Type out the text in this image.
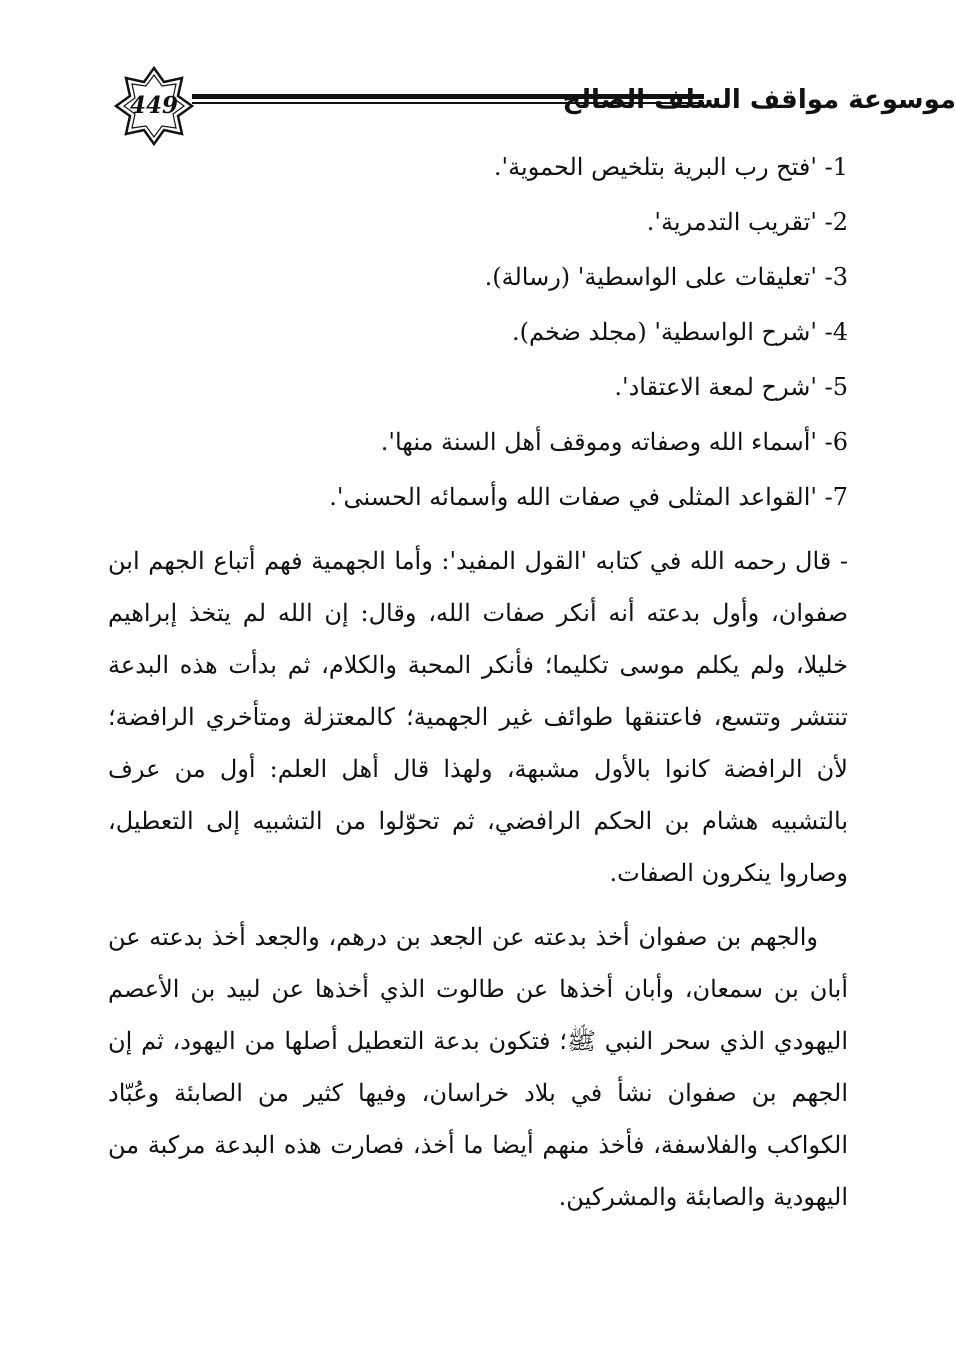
449	موسوعة مواقف السلف الصالح
1- 'فتح رب البرية بتلخيص الحموية'.
2- 'تقريب التدمرية'.
3- 'تعليقات على الواسطية' (رسالة).
4- 'شرح الواسطية' (مجلد ضخم).
5- 'شرح لمعة الاعتقاد'.
6- 'أسماء الله وصفاته وموقف أهل السنة منها'.
7- 'القواعد المثلى في صفات الله وأسمائه الحسنى'.

- قال رحمه الله في كتابه 'القول المفيد': وأما الجهمية فهم أتباع الجهم ابن صفوان، وأول بدعته أنه أنكر صفات الله، وقال: إن الله لم يتخذ إبراهيم خليلا، ولم يكلم موسى تكليما؛ فأنكر المحبة والكلام، ثم بدأت هذه البدعة تنتشر وتتسع، فاعتنقها طوائف غير الجهمية؛ كالمعتزلة ومتأخري الرافضة؛ لأن الرافضة كانوا بالأول مشبهة، ولهذا قال أهل العلم: أول من عرف بالتشبيه هشام بن الحكم الرافضي، ثم تحوّلوا من التشبيه إلى التعطيل، وصاروا ينكرون الصفات.

والجهم بن صفوان أخذ بدعته عن الجعد بن درهم، والجعد أخذ بدعته عن أبان بن سمعان، وأبان أخذها عن طالوت الذي أخذها عن لبيد بن الأعصم اليهودي الذي سحر النبي ﷺ؛ فتكون بدعة التعطيل أصلها من اليهود، ثم إن الجهم بن صفوان نشأ في بلاد خراسان، وفيها كثير من الصابئة وعُبّاد الكواكب والفلاسفة، فأخذ منهم أيضا ما أخذ، فصارت هذه البدعة مركبة من اليهودية والصابئة والمشركين.
